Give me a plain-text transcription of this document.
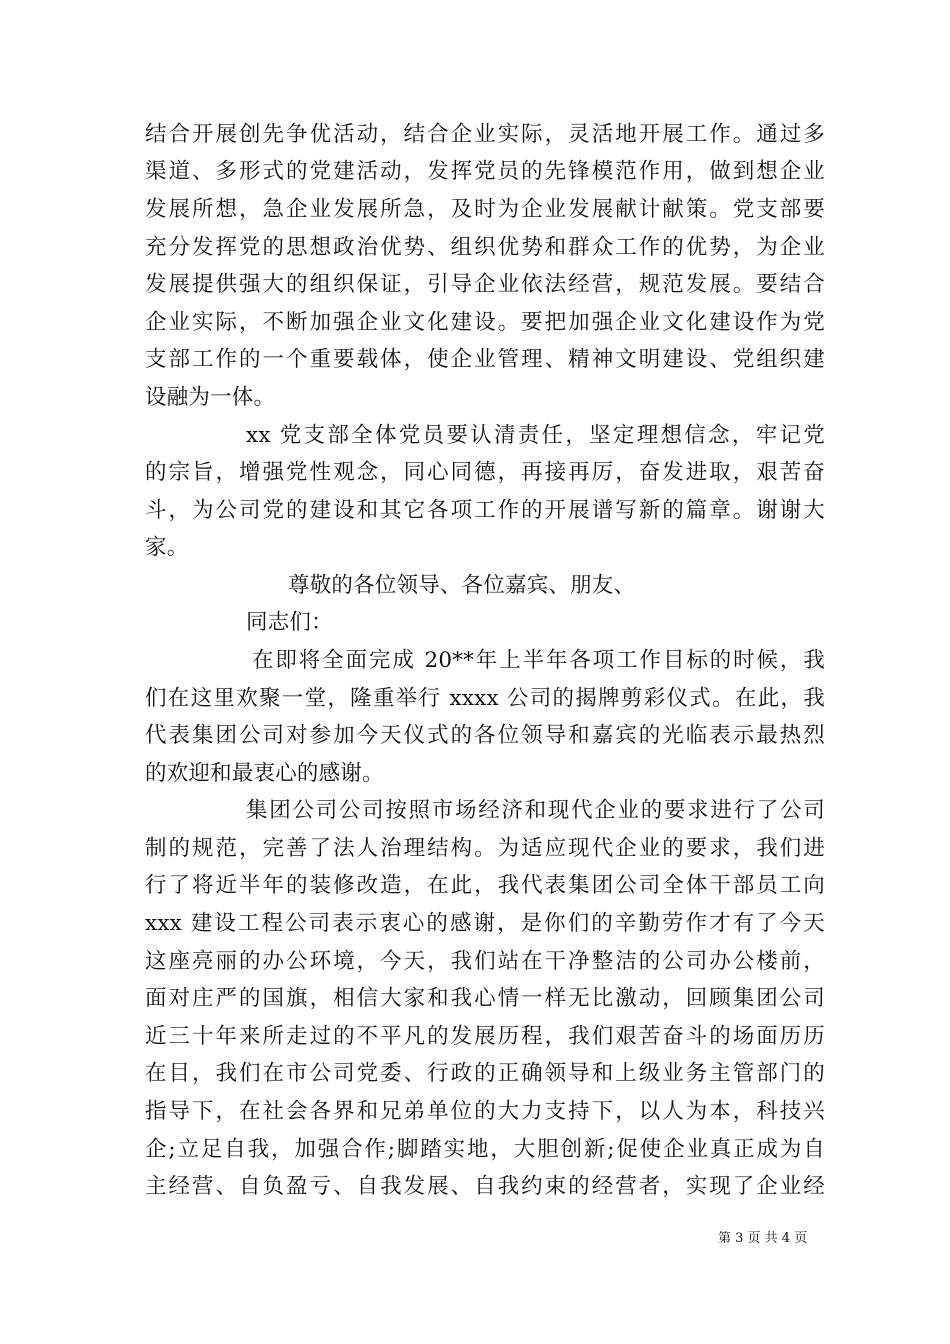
结合开展创先争优活动，结合企业实际，灵活地开展工作。通过多
渠道、多形式的党建活动，发挥党员的先锋模范作用，做到想企业
发展所想，急企业发展所急，及时为企业发展献计献策。党支部要
充分发挥党的思想政治优势、组织优势和群众工作的优势，为企业
发展提供强大的组织保证，引导企业依法经营，规范发展。要结合
企业实际，不断加强企业文化建设。要把加强企业文化建设作为党
支部工作的一个重要载体，使企业管理、精神文明建设、党组织建
设融为一体。
xx 党支部全体党员要认清责任，坚定理想信念，牢记党
的宗旨，增强党性观念，同心同德，再接再厉，奋发进取，艰苦奋
斗，为公司党的建设和其它各项工作的开展谱写新的篇章。谢谢大
家。
尊敬的各位领导、各位嘉宾、朋友、
同志们：
在即将全面完成 20**年上半年各项工作目标的时候，我
们在这里欢聚一堂，隆重举行 xxxx 公司的揭牌剪彩仪式。在此，我
代表集团公司对参加今天仪式的各位领导和嘉宾的光临表示最热烈
的欢迎和最衷心的感谢。
集团公司公司按照市场经济和现代企业的要求进行了公司
制的规范，完善了法人治理结构。为适应现代企业的要求，我们进
行了将近半年的装修改造，在此，我代表集团公司全体干部员工向
xxx 建设工程公司表示衷心的感谢，是你们的辛勤劳作才有了今天
这座亮丽的办公环境，今天，我们站在干净整洁的公司办公楼前，
面对庄严的国旗，相信大家和我心情一样无比激动，回顾集团公司
近三十年来所走过的不平凡的发展历程，我们艰苦奋斗的场面历历
在目，我们在市公司党委、行政的正确领导和上级业务主管部门的
指导下，在社会各界和兄弟单位的大力支持下，以人为本，科技兴
企;立足自我，加强合作;脚踏实地，大胆创新;促使企业真正成为自
主经营、自负盈亏、自我发展、自我约束的经营者，实现了企业经
第 3 页 共 4 页
